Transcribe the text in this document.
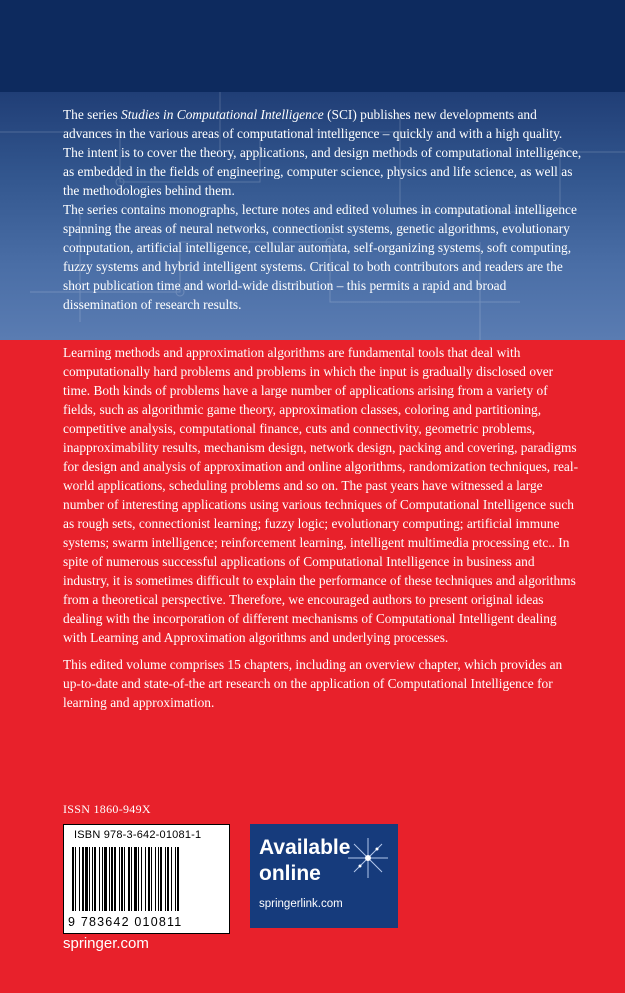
The series Studies in Computational Intelligence (SCI) publishes new developments and advances in the various areas of computational intelligence – quickly and with a high quality. The intent is to cover the theory, applications, and design methods of computational intelligence, as embedded in the fields of engineering, computer science, physics and life science, as well as the methodologies behind them.

The series contains monographs, lecture notes and edited volumes in computational intelligence spanning the areas of neural networks, connectionist systems, genetic algorithms, evolutionary computation, artificial intelligence, cellular automata, self-organizing systems, soft computing, fuzzy systems and hybrid intelligent systems. Critical to both contributors and readers are the short publication time and world-wide distribution – this permits a rapid and broad dissemination of research results.

Learning methods and approximation algorithms are fundamental tools that deal with computationally hard problems and problems in which the input is gradually disclosed over time. Both kinds of problems have a large number of applications arising from a variety of fields, such as algorithmic game theory, approximation classes, coloring and partitioning, competitive analysis, computational finance, cuts and connectivity, geometric problems, inapproximability results, mechanism design, network design, packing and covering, paradigms for design and analysis of approximation and online algorithms, randomization techniques, real-world applications, scheduling problems and so on. The past years have witnessed a large number of interesting applications using various techniques of Computational Intelligence such as rough sets, connectionist learning; fuzzy logic; evolutionary computing; artificial immune systems; swarm intelligence; reinforcement learning, intelligent multimedia processing etc.. In spite of numerous successful applications of Computational Intelligence in business and industry, it is sometimes difficult to explain the performance of these techniques and algorithms from a theoretical perspective. Therefore, we encouraged authors to present original ideas dealing with the incorporation of different mechanisms of Computational Intelligent dealing with Learning and Approximation algorithms and underlying processes.

This edited volume comprises 15 chapters, including an overview chapter, which provides an up-to-date and state-of-the art research on the application of Computational Intelligence for learning and approximation.

ISSN 1860-949X
ISBN 978-3-642-01081-1
9 783642 010811
Available
online
springerlink.com
springer.com
